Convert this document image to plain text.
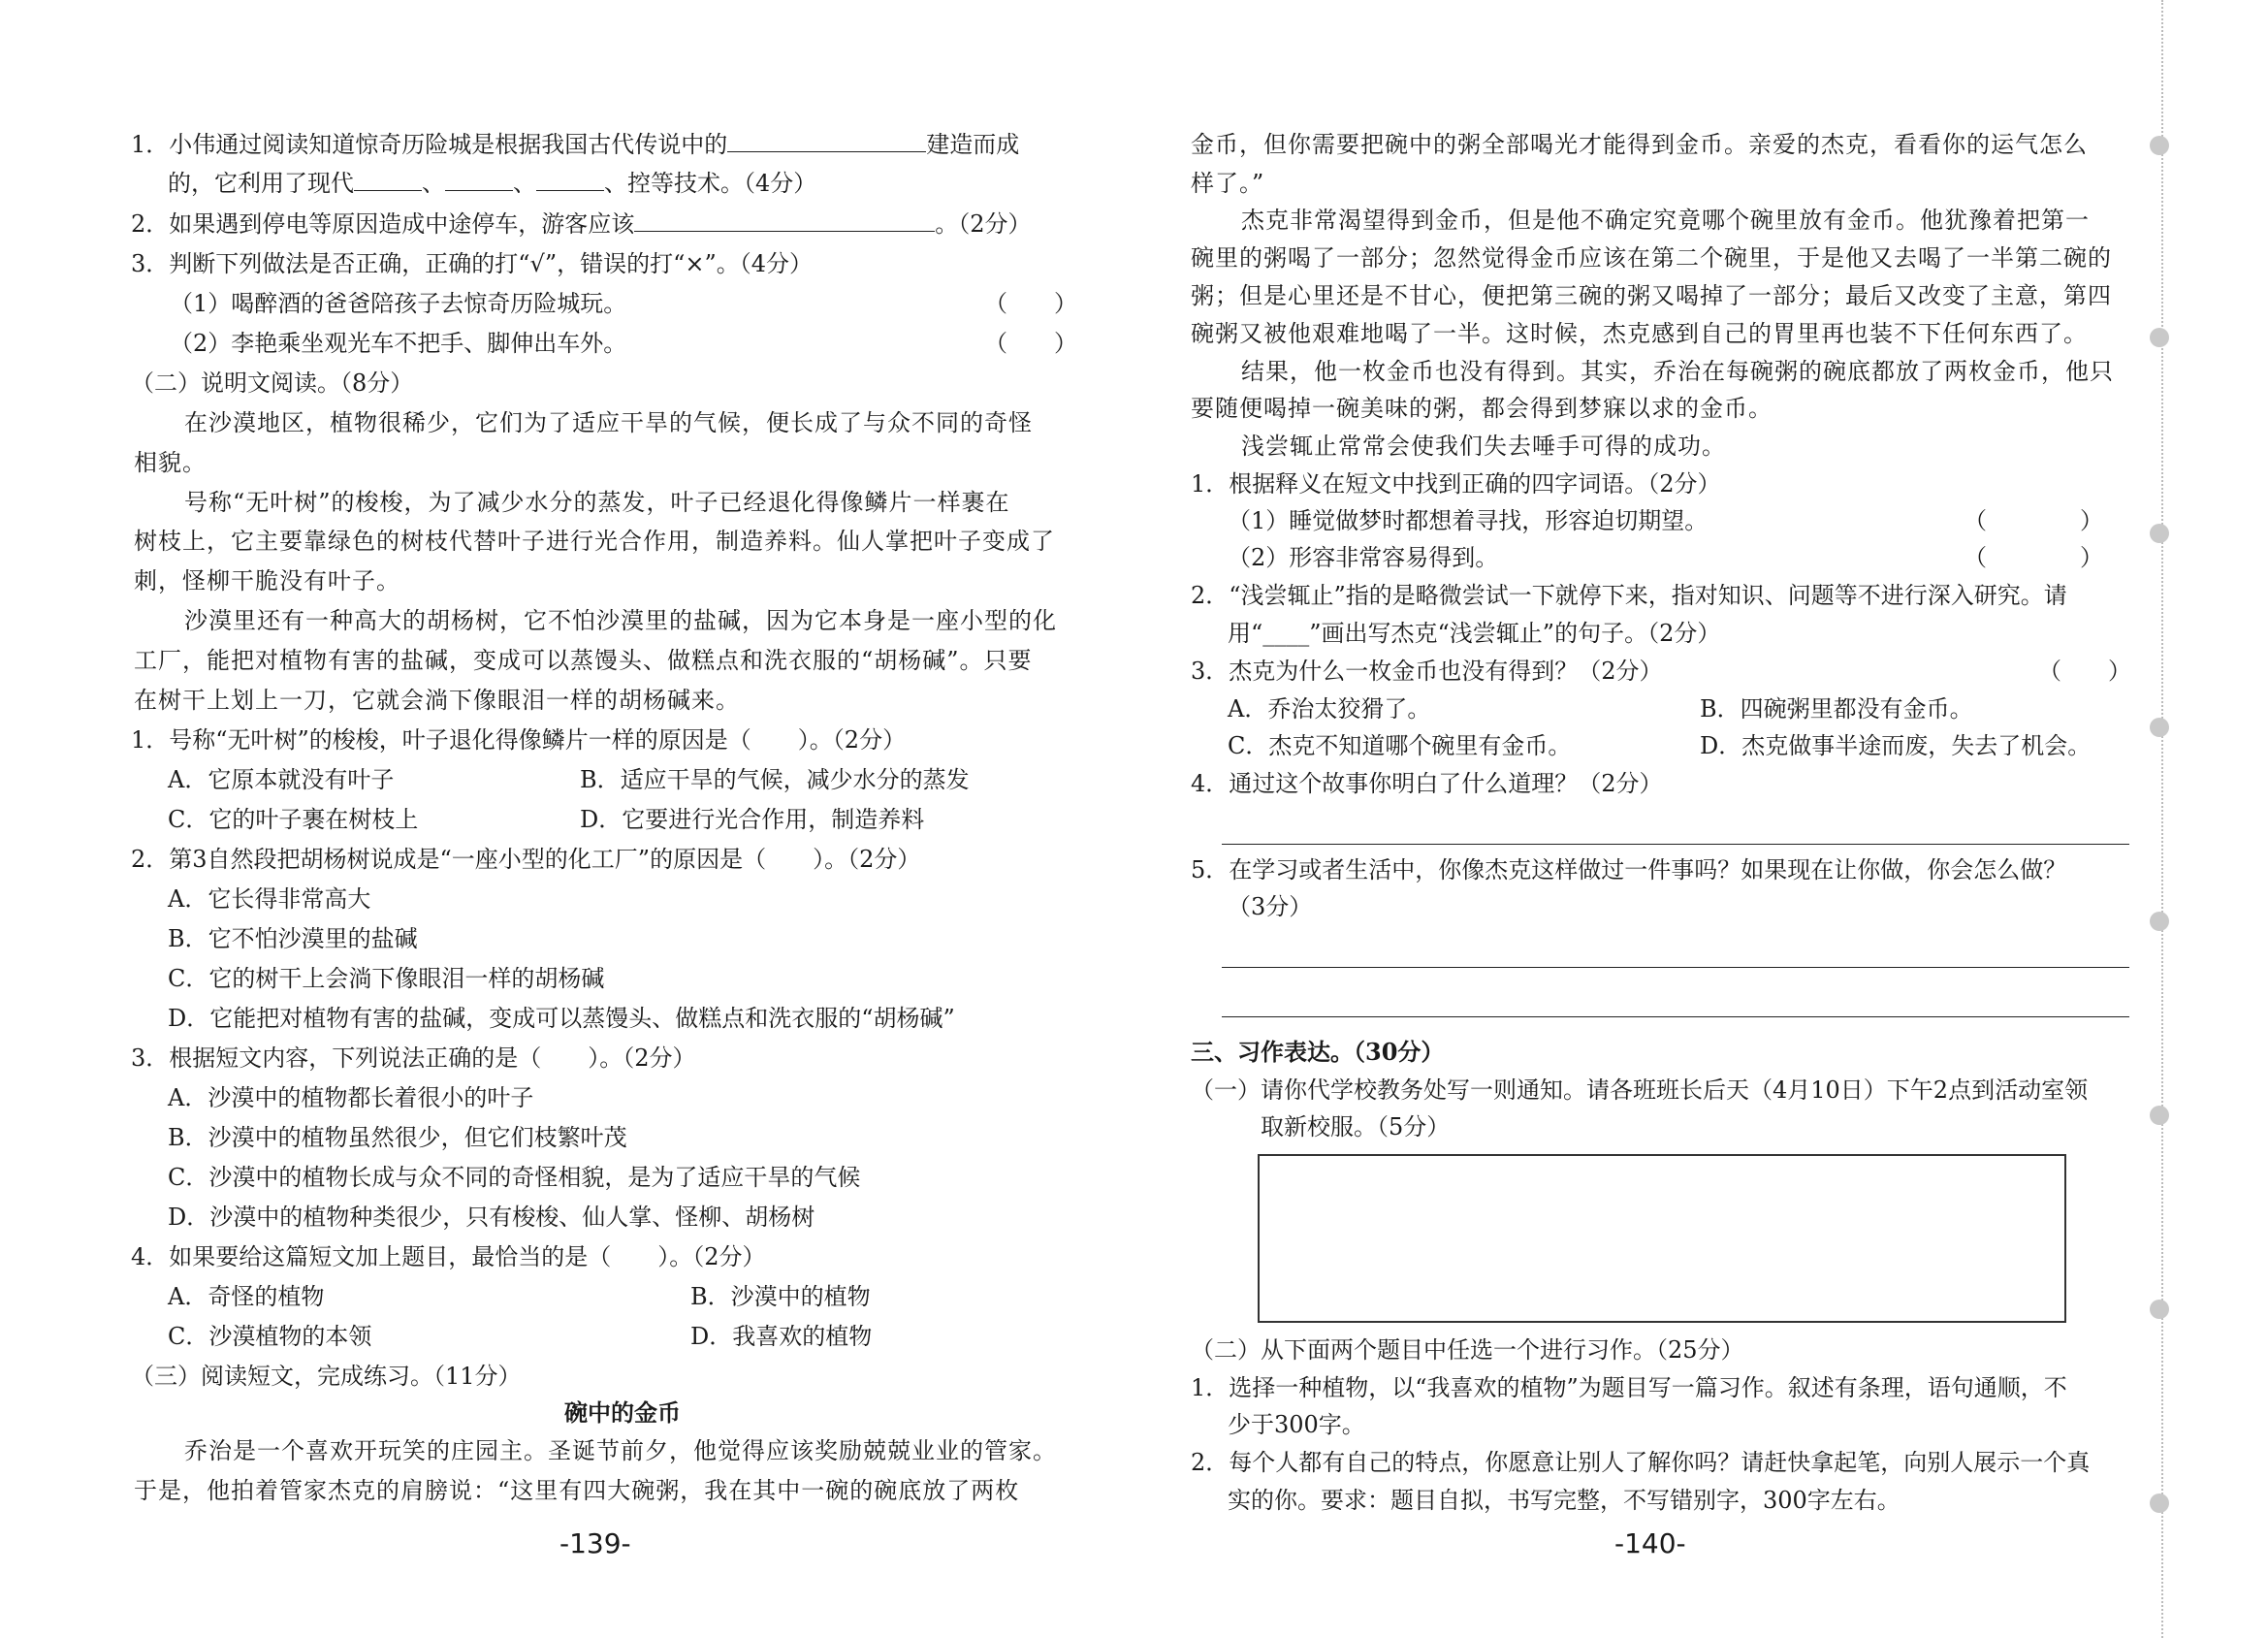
1．小伟通过阅读知道惊奇历险城是根据我国古代传说中的	建造而成
的，它利用了现代	、	、	、控等技术。（4分）
2．如果遇到停电等原因造成中途停车，游客应该	。（2分）
3．判断下列做法是否正确，正确的打“√”，错误的打“×”。（4分）
（1）喝醉酒的爸爸陪孩子去惊奇历险城玩。	（　　）
（2）李艳乘坐观光车不把手、脚伸出车外。	（　　）
（二）说明文阅读。（8分）
在沙漠地区，植物很稀少，它们为了适应干旱的气候，便长成了与众不同的奇怪
相貌。
号称“无叶树”的梭梭，为了减少水分的蒸发，叶子已经退化得像鳞片一样裹在
树枝上，它主要靠绿色的树枝代替叶子进行光合作用，制造养料。仙人掌把叶子变成了
刺，怪柳干脆没有叶子。
沙漠里还有一种高大的胡杨树，它不怕沙漠里的盐碱，因为它本身是一座小型的化
工厂，能把对植物有害的盐碱，变成可以蒸馒头、做糕点和洗衣服的“胡杨碱”。只要
在树干上划上一刀，它就会淌下像眼泪一样的胡杨碱来。
1．号称“无叶树”的梭梭，叶子退化得像鳞片一样的原因是（　　）。（2分）
A．它原本就没有叶子	B．适应干旱的气候，减少水分的蒸发
C．它的叶子裹在树枝上	D．它要进行光合作用，制造养料
2．第3自然段把胡杨树说成是“一座小型的化工厂”的原因是（　　）。（2分）
A．它长得非常高大
B．它不怕沙漠里的盐碱
C．它的树干上会淌下像眼泪一样的胡杨碱
D．它能把对植物有害的盐碱，变成可以蒸馒头、做糕点和洗衣服的“胡杨碱”
3．根据短文内容，下列说法正确的是（　　）。（2分）
A．沙漠中的植物都长着很小的叶子
B．沙漠中的植物虽然很少，但它们枝繁叶茂
C．沙漠中的植物长成与众不同的奇怪相貌，是为了适应干旱的气候
D．沙漠中的植物种类很少，只有梭梭、仙人掌、怪柳、胡杨树
4．如果要给这篇短文加上题目，最恰当的是（　　）。（2分）
A．奇怪的植物	B．沙漠中的植物
C．沙漠植物的本领	D．我喜欢的植物
（三）阅读短文，完成练习。（11分）
碗中的金币
乔治是一个喜欢开玩笑的庄园主。圣诞节前夕，他觉得应该奖励兢兢业业的管家。
于是，他拍着管家杰克的肩膀说：“这里有四大碗粥，我在其中一碗的碗底放了两枚
-139-
金币，但你需要把碗中的粥全部喝光才能得到金币。亲爱的杰克，看看你的运气怎么
样了。”
杰克非常渴望得到金币，但是他不确定究竟哪个碗里放有金币。他犹豫着把第一
碗里的粥喝了一部分；忽然觉得金币应该在第二个碗里，于是他又去喝了一半第二碗的
粥；但是心里还是不甘心，便把第三碗的粥又喝掉了一部分；最后又改变了主意，第四
碗粥又被他艰难地喝了一半。这时候，杰克感到自己的胃里再也装不下任何东西了。
结果，他一枚金币也没有得到。其实，乔治在每碗粥的碗底都放了两枚金币，他只
要随便喝掉一碗美味的粥，都会得到梦寐以求的金币。
浅尝辄止常常会使我们失去唾手可得的成功。
1．根据释义在短文中找到正确的四字词语。（2分）
（1）睡觉做梦时都想着寻找，形容迫切期望。	（　　　　）
（2）形容非常容易得到。	（　　　　）
2．“浅尝辄止”指的是略微尝试一下就停下来，指对知识、问题等不进行深入研究。请
用“____”画出写杰克“浅尝辄止”的句子。（2分）
3．杰克为什么一枚金币也没有得到？（2分）	（　　）
A．乔治太狡猾了。	B．四碗粥里都没有金币。
C．杰克不知道哪个碗里有金币。	D．杰克做事半途而废，失去了机会。
4．通过这个故事你明白了什么道理？（2分）
5．在学习或者生活中，你像杰克这样做过一件事吗？如果现在让你做，你会怎么做？
（3分）
三、习作表达。（30分）
（一）请你代学校教务处写一则通知。请各班班长后天（4月10日）下午2点到活动室领
取新校服。（5分）
（二）从下面两个题目中任选一个进行习作。（25分）
1．选择一种植物，以“我喜欢的植物”为题目写一篇习作。叙述有条理，语句通顺，不
少于300字。
2．每个人都有自己的特点，你愿意让别人了解你吗？请赶快拿起笔，向别人展示一个真
实的你。要求：题目自拟，书写完整，不写错别字，300字左右。
-140-
